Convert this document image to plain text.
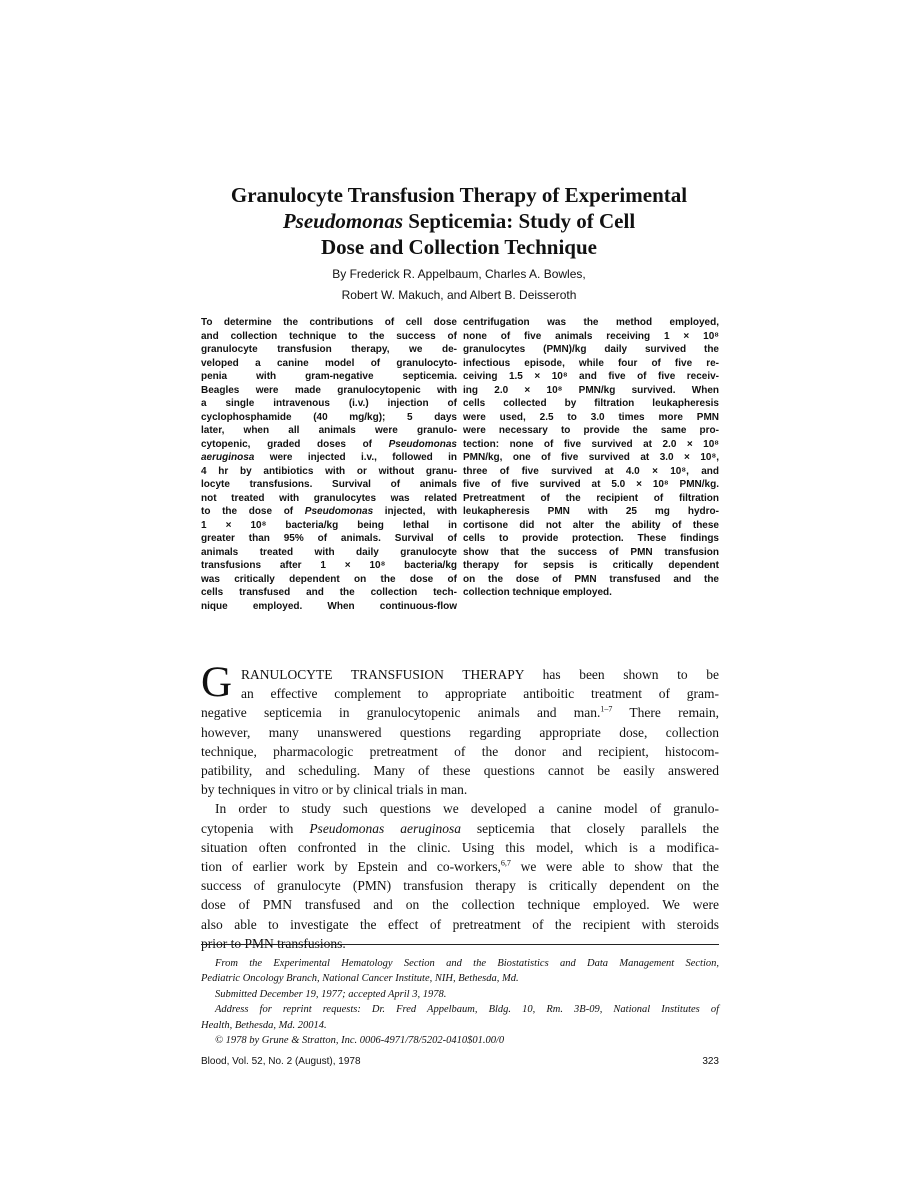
Granulocyte Transfusion Therapy of Experimental
Pseudomonas Septicemia: Study of Cell
Dose and Collection Technique
By Frederick R. Appelbaum, Charles A. Bowles,
Robert W. Makuch, and Albert B. Deisseroth
To determine the contributions of cell dose
and collection technique to the success of
granulocyte transfusion therapy, we de-
veloped a canine model of granulocyto-
penia with gram-negative septicemia.
Beagles were made granulocytopenic with
a single intravenous (i.v.) injection of
cyclophosphamide (40 mg/kg); 5 days
later, when all animals were granulo-
cytopenic, graded doses of Pseudomonas
aeruginosa were injected i.v., followed in
4 hr by antibiotics with or without granu-
locyte transfusions. Survival of animals
not treated with granulocytes was related
to the dose of Pseudomonas injected, with
1 × 10⁸ bacteria/kg being lethal in
greater than 95% of animals. Survival of
animals treated with daily granulocyte
transfusions after 1 × 10⁸ bacteria/kg
was critically dependent on the dose of
cells transfused and the collection tech-
nique employed. When continuous-flow
centrifugation was the method employed,
none of five animals receiving 1 × 10⁸
granulocytes (PMN)/kg daily survived the
infectious episode, while four of five re-
ceiving 1.5 × 10⁸ and five of five receiv-
ing 2.0 × 10⁸ PMN/kg survived. When
cells collected by filtration leukapheresis
were used, 2.5 to 3.0 times more PMN
were necessary to provide the same pro-
tection: none of five survived at 2.0 × 10⁸
PMN/kg, one of five survived at 3.0 × 10⁸,
three of five survived at 4.0 × 10⁸, and
five of five survived at 5.0 × 10⁸ PMN/kg.
Pretreatment of the recipient of filtration
leukapheresis PMN with 25 mg hydro-
cortisone did not alter the ability of these
cells to provide protection. These findings
show that the success of PMN transfusion
therapy for sepsis is critically dependent
on the dose of PMN transfused and the
collection technique employed.
G RANULOCYTE TRANSFUSION THERAPY has been shown to be
an effective complement to appropriate antiboitic treatment of gram-
negative septicemia in granulocytopenic animals and man.$^{1-7}$ There remain,
however, many unanswered questions regarding appropriate dose, collection
technique, pharmacologic pretreatment of the donor and recipient, histocom-
patibility, and scheduling. Many of these questions cannot be easily answered
by techniques in vitro or by clinical trials in man.
In order to study such questions we developed a canine model of granulo-
cytopenia with Pseudomonas aeruginosa septicemia that closely parallels the
situation often confronted in the clinic. Using this model, which is a modifica-
tion of earlier work by Epstein and co-workers,$^{6,7}$ we were able to show that the
success of granulocyte (PMN) transfusion therapy is critically dependent on the
dose of PMN transfused and on the collection technique employed. We were
also able to investigate the effect of pretreatment of the recipient with steroids
prior to PMN transfusions.
From the Experimental Hematology Section and the Biostatistics and Data Management Section,
Pediatric Oncology Branch, National Cancer Institute, NIH, Bethesda, Md.
Submitted December 19, 1977; accepted April 3, 1978.
Address for reprint requests: Dr. Fred Appelbaum, Bldg. 10, Rm. 3B-09, National Institutes of
Health, Bethesda, Md. 20014.
© 1978 by Grune & Stratton, Inc. 0006-4971/78/5202-0410$01.00/0
Blood, Vol. 52, No. 2 (August), 1978	323
